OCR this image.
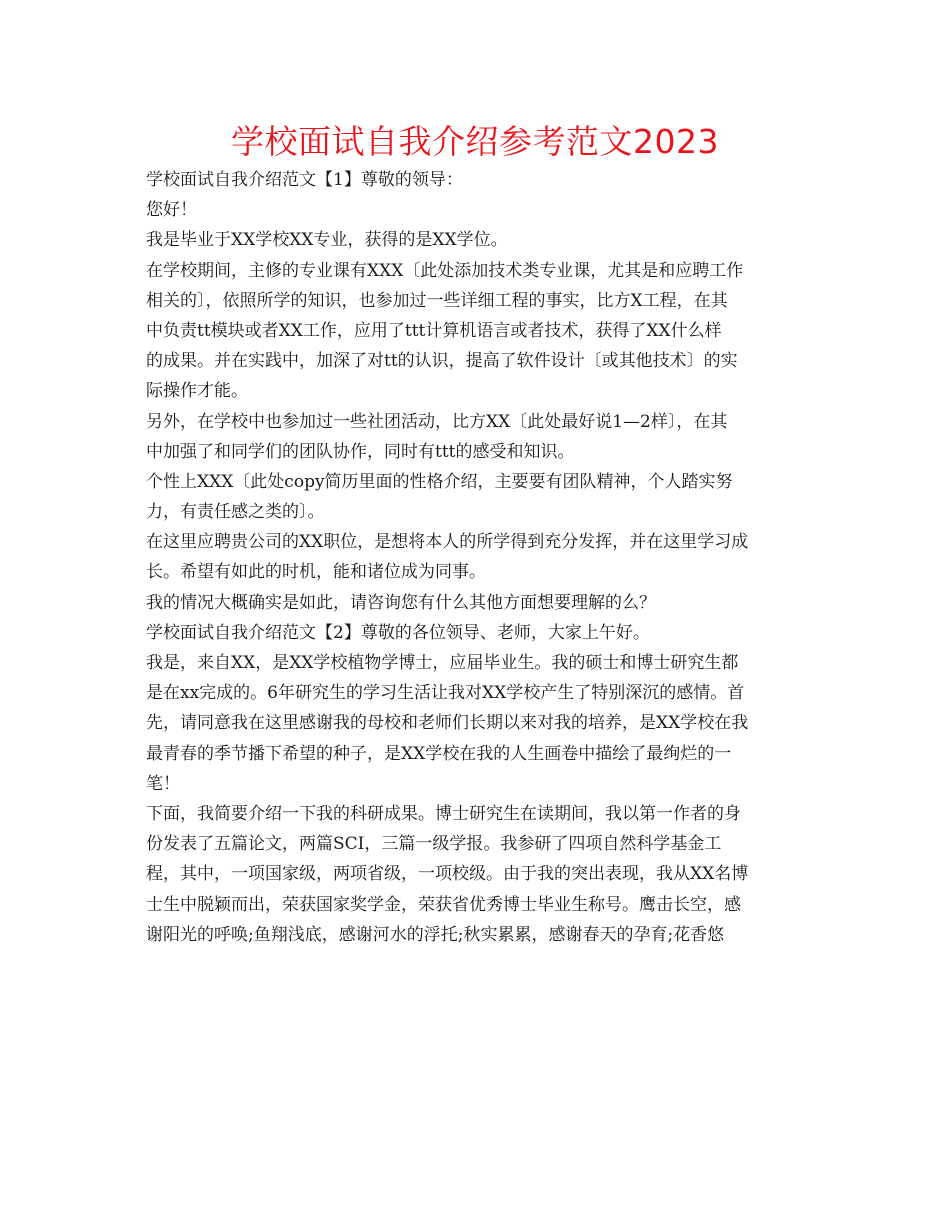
学校面试自我介绍参考范文2023
学校面试自我介绍范文【1】尊敬的领导：
您好！
我是毕业于XX学校XX专业，获得的是XX学位。
在学校期间，主修的专业课有XXX〔此处添加技术类专业课，尤其是和应聘工作
相关的〕，依照所学的知识，也参加过一些详细工程的事实，比方X工程，在其
中负责tt模块或者XX工作，应用了ttt计算机语言或者技术，获得了XX什么样
的成果。并在实践中，加深了对tt的认识，提高了软件设计〔或其他技术〕的实
际操作才能。
另外，在学校中也参加过一些社团活动，比方XX〔此处最好说1—2样〕，在其
中加强了和同学们的团队协作，同时有ttt的感受和知识。
个性上XXX〔此处copy简历里面的性格介绍，主要要有团队精神，个人踏实努
力，有责任感之类的〕。
在这里应聘贵公司的XX职位，是想将本人的所学得到充分发挥，并在这里学习成
长。希望有如此的时机，能和诸位成为同事。
我的情况大概确实是如此，请咨询您有什么其他方面想要理解的么？
学校面试自我介绍范文【2】尊敬的各位领导、老师，大家上午好。
我是，来自XX，是XX学校植物学博士，应届毕业生。我的硕士和博士研究生都
是在xx完成的。6年研究生的学习生活让我对XX学校产生了特别深沉的感情。首
先，请同意我在这里感谢我的母校和老师们长期以来对我的培养，是XX学校在我
最青春的季节播下希望的种子，是XX学校在我的人生画卷中描绘了最绚烂的一
笔！
下面，我简要介绍一下我的科研成果。博士研究生在读期间，我以第一作者的身
份发表了五篇论文，两篇SCI，三篇一级学报。我参研了四项自然科学基金工
程，其中，一项国家级，两项省级，一项校级。由于我的突出表现，我从XX名博
士生中脱颖而出，荣获国家奖学金，荣获省优秀博士毕业生称号。鹰击长空，感
谢阳光的呼唤;鱼翔浅底，感谢河水的浮托;秋实累累，感谢春天的孕育;花香悠
